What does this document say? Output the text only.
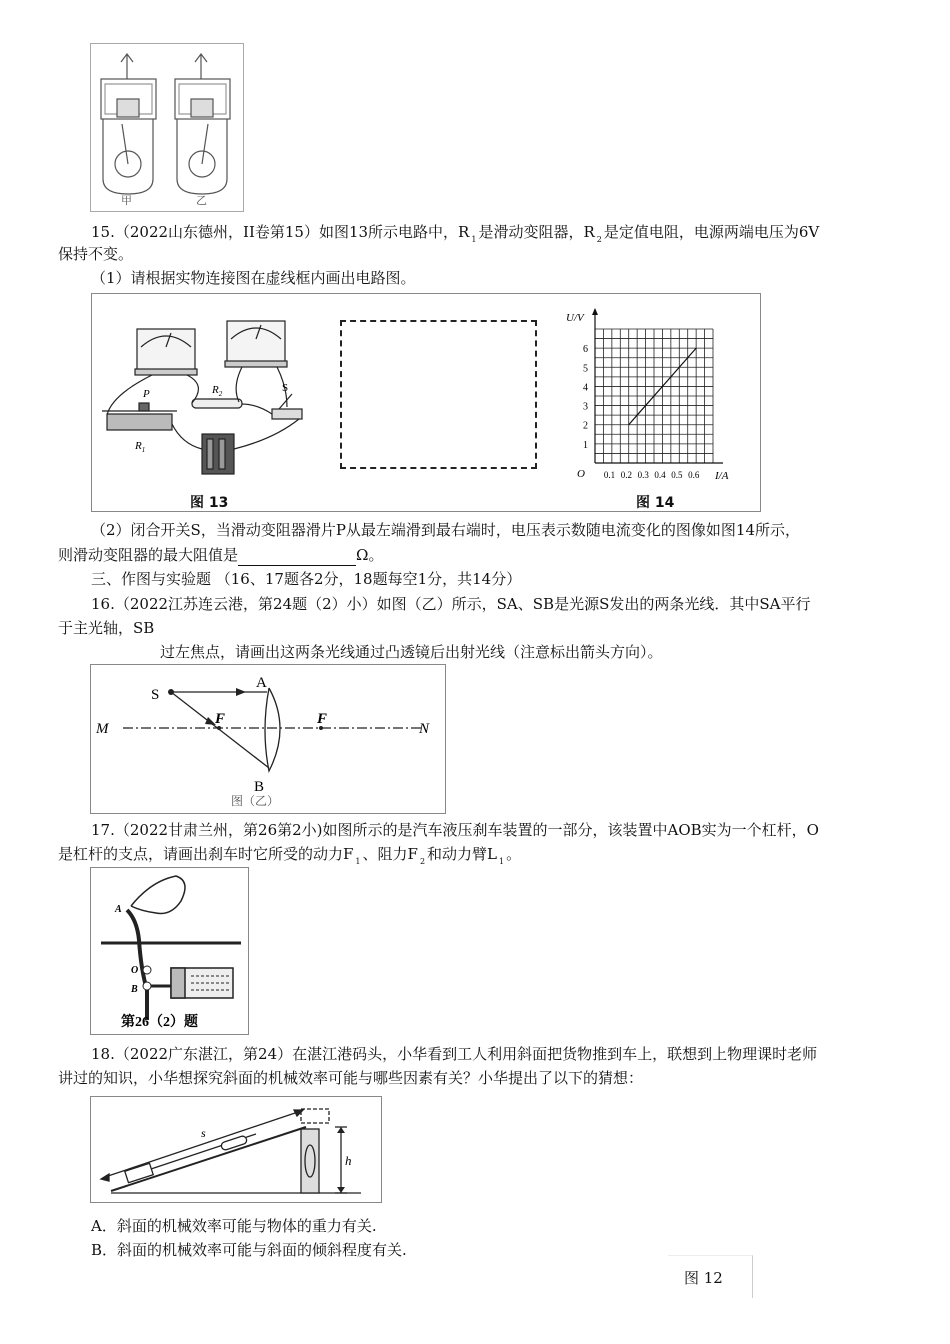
甲	乙
15.（2022山东德州，II卷第15）如图13所示电路中，R $_1$ 是滑动变阻器，R $_2$ 是定值电阻，电源两端电压为6V
保持不变。
（1）请根据实物连接图在虚线框内画出电路图。
P
$R_1$
$R_2$	S
图 13
1
2
3
4
5
6
0.1 0.2 0.3 0.4 0.5 0.6
O
U/V
I/A
图 14
（2）闭合开关S，当滑动变阻器滑片P从最左端滑到最右端时，电压表示数随电流变化的图像如图14所示，
则滑动变阻器的最大阻值是	Ω。
三、作图与实验题 （16、17题各2分，18题每空1分，共14分）
16.（2022江苏连云港，第24题（2）小）如图（乙）所示，SA、SB是光源S发出的两条光线．其中SA平行
于主光轴，SB
过左焦点，请画出这两条光线通过凸透镜后出射光线（注意标出箭头方向）。
S
A
B
F	F
M	N
图（乙）
17.（2022甘肃兰州，第26第2小)如图所示的是汽车液压刹车装置的一部分，该装置中AOB实为一个杠杆，O
是杠杆的支点，请画出刹车时它所受的动力F $_1$ 、阻力F $_2$ 和动力臂L $_1$ 。
A
O
B
第26（2）题
18.（2022广东湛江，第24）在湛江港码头，小华看到工人利用斜面把货物推到车上，联想到上物理课时老师
讲过的知识，小华想探究斜面的机械效率可能与哪些因素有关？小华提出了以下的猜想：
s
h
A．斜面的机械效率可能与物体的重力有关.
B．斜面的机械效率可能与斜面的倾斜程度有关.
图 12
